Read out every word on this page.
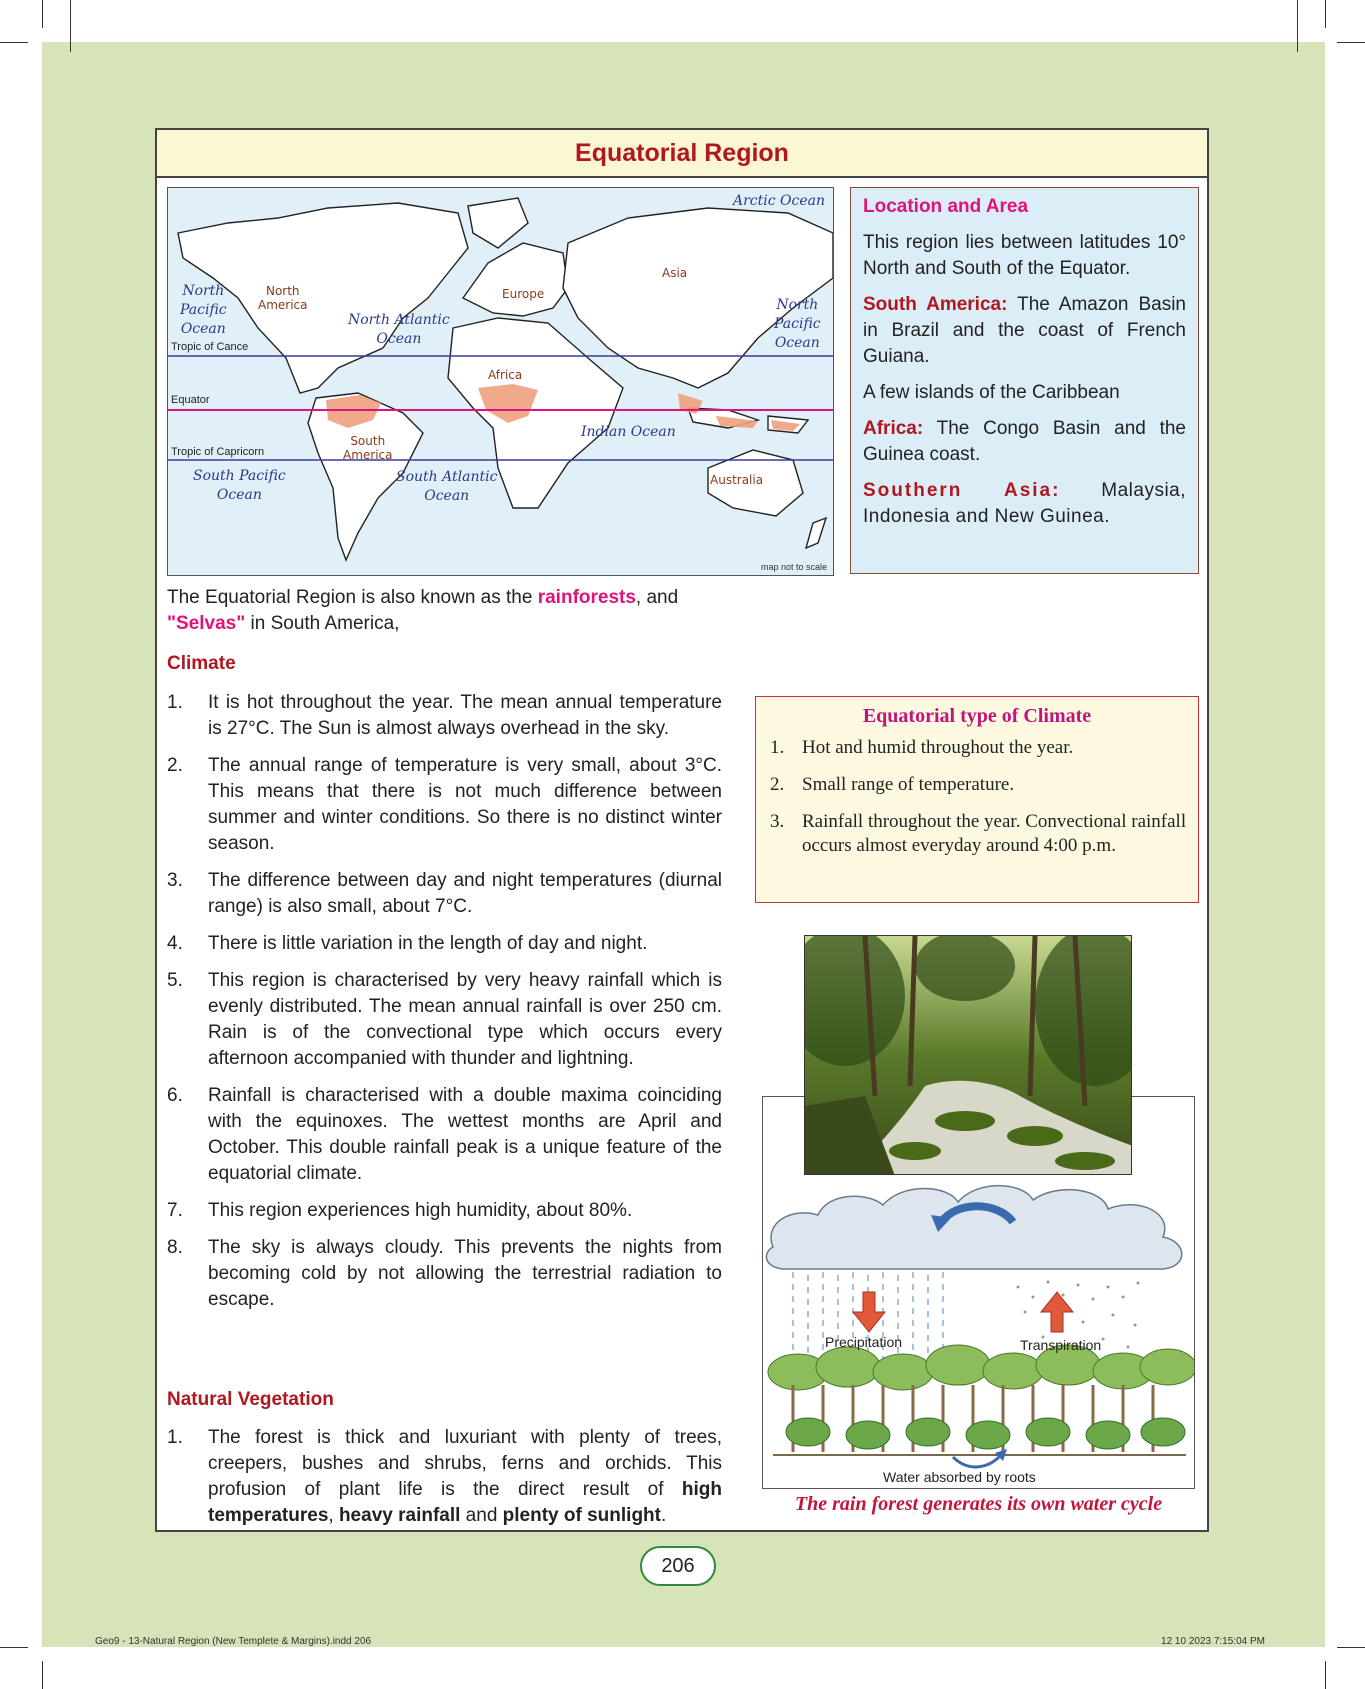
Equatorial Region
Arctic Ocean
North
Pacific
Ocean
North
Pacific
Ocean
North Atlantic
Ocean
Indian Ocean
South Pacific
Ocean
South Atlantic
Ocean
North
America
Europe
Asia
Africa
South
America
Australia
Tropic of Cance
Equator
Tropic of Capricorn
map not to scale
Location and Area

This region lies between latitudes 10° North and South of the Equator.

South America: The Amazon Basin in Brazil and the coast of French Guiana.

A few islands of the Caribbean

Africa: The Congo Basin and the Guinea coast.

Southern Asia: Malaysia, Indonesia and New Guinea.

The Equatorial Region is also known as the rainforests, and "Selvas" in South America,
Climate
1. It is hot throughout the year. The mean annual temperature is 27°C. The Sun is almost always overhead in the sky.
2. The annual range of temperature is very small, about 3°C. This means that there is not much difference between summer and winter conditions. So there is no distinct winter season.
3. The difference between day and night temperatures (diurnal range) is also small, about 7°C.
4. There is little variation in the length of day and night.
5. This region is characterised by very heavy rainfall which is evenly distributed. The mean annual rainfall is over 250 cm. Rain is of the convectional type which occurs every afternoon accompanied with thunder and lightning.
6. Rainfall is characterised with a double maxima coinciding with the equinoxes. The wettest months are April and October. This double rainfall peak is a unique feature of the equatorial climate.
7. This region experiences high humidity, about 80%.
8. The sky is always cloudy. This prevents the nights from becoming cold by not allowing the terrestrial radiation to escape.
Natural Vegetation
1. The forest is thick and luxuriant with plenty of trees, creepers, bushes and shrubs, ferns and orchids. This profusion of plant life is the direct result of high temperatures, heavy rainfall and plenty of sunlight.
Equatorial type of Climate
1. Hot and humid throughout the year.
2. Small range of temperature.
3. Rainfall throughout the year. Convectional rainfall occurs almost everyday around 4:00 p.m.
Precipitation	Transpiration
Water absorbed by roots
The rain forest generates its own water cycle
206
Geo9 - 13-Natural Region (New Templete & Margins).indd 206	12 10 2023 7:15:04 PM
